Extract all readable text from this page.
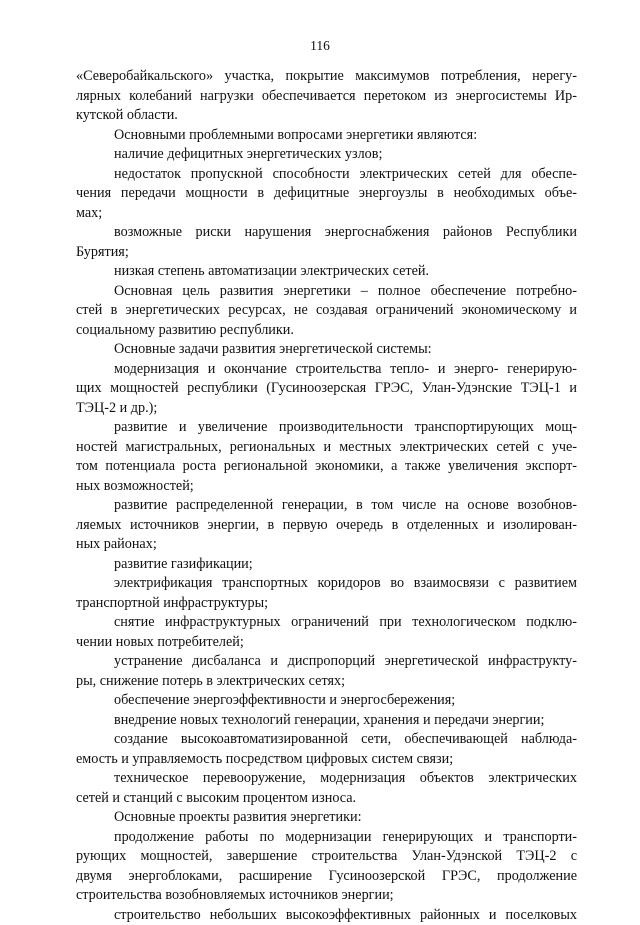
116
«Северобайкальского» участка, покрытие максимумов потребления, нерегу-
лярных колебаний нагрузки обеспечивается перетоком из энергосистемы Ир-
кутской области.
Основными проблемными вопросами энергетики являются:
наличие дефицитных энергетических узлов;
недостаток пропускной способности электрических сетей для обеспе-
чения передачи мощности в дефицитные энергоузлы в необходимых объе-
мах;
возможные риски нарушения энергоснабжения районов Республики
Бурятия;
низкая степень автоматизации электрических сетей.
Основная цель развития энергетики – полное обеспечение потребно-
стей в энергетических ресурсах, не создавая ограничений экономическому и
социальному развитию республики.
Основные задачи развития энергетической системы:
модернизация и окончание строительства тепло- и энерго- генерирую-
щих мощностей республики (Гусиноозерская ГРЭС, Улан-Удэнские ТЭЦ-1 и
ТЭЦ-2 и др.);
развитие и увеличение производительности транспортирующих мощ-
ностей магистральных, региональных и местных электрических сетей с уче-
том потенциала роста региональной экономики, а также увеличения экспорт-
ных возможностей;
развитие распределенной генерации, в том числе на основе возобнов-
ляемых источников энергии, в первую очередь в отделенных и изолирован-
ных районах;
развитие газификации;
электрификация транспортных коридоров во взаимосвязи с развитием
транспортной инфраструктуры;
снятие инфраструктурных ограничений при технологическом подклю-
чении новых потребителей;
устранение дисбаланса и диспропорций энергетической инфраструкту-
ры, снижение потерь в электрических сетях;
обеспечение энергоэффективности и энергосбережения;
внедрение новых технологий генерации, хранения и передачи энергии;
создание высокоавтоматизированной сети, обеспечивающей наблюда-
емость и управляемость посредством цифровых систем связи;
техническое перевооружение, модернизация объектов электрических
сетей и станций с высоким процентом износа.
Основные проекты развития энергетики:
продолжение работы по модернизации генерирующих и транспорти-
рующих мощностей, завершение строительства Улан-Удэнской ТЭЦ-2 с
двумя энергоблоками, расширение Гусиноозерской ГРЭС, продолжение
строительства возобновляемых источников энергии;
строительство небольших высокоэффективных районных и поселковых
